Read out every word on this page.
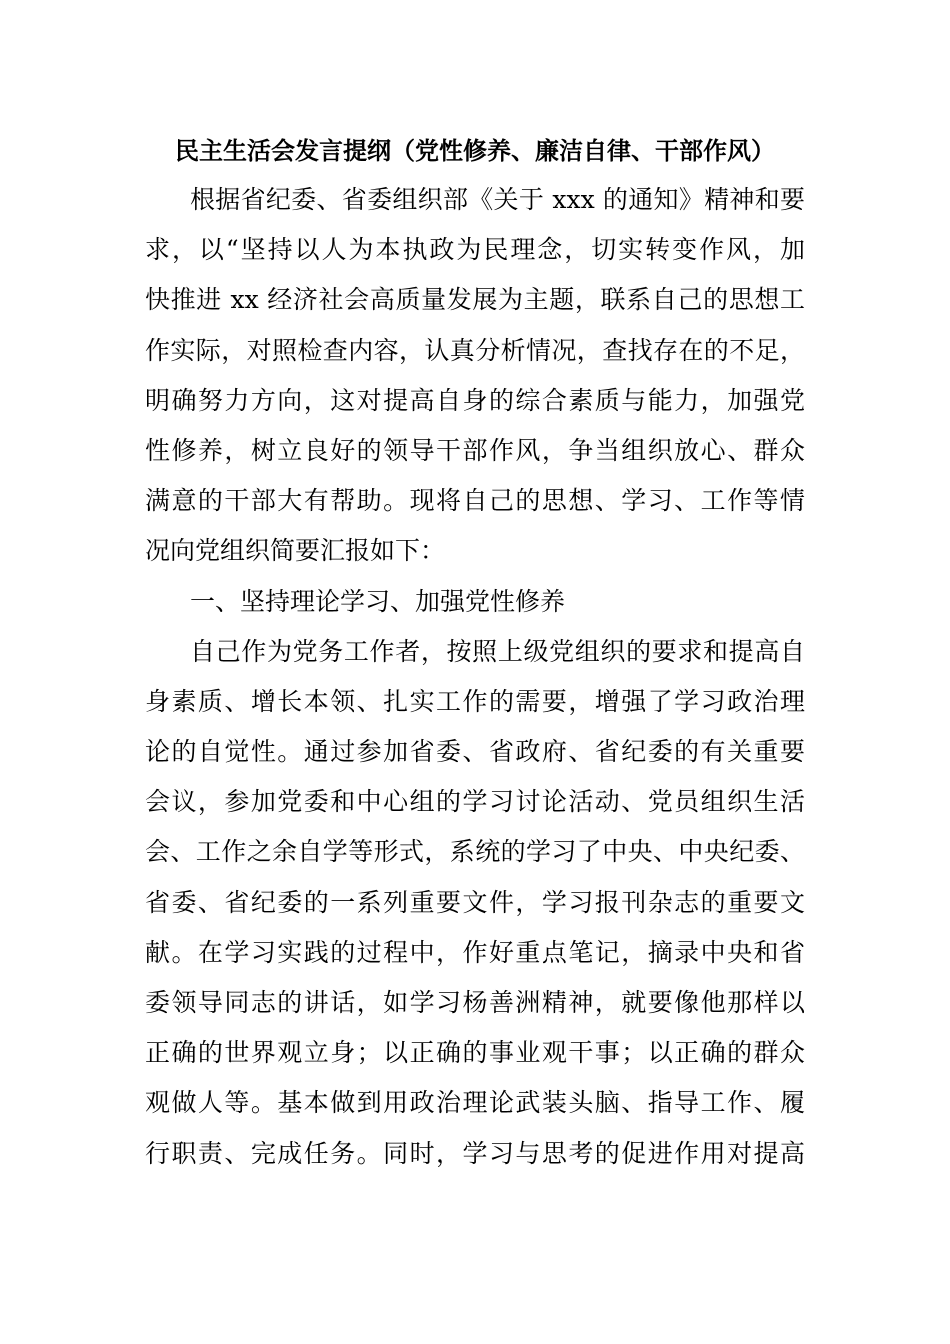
民主生活会发言提纲（党性修养、廉洁自律、干部作风）
根据省纪委、省委组织部《关于 xxx 的通知》精神和要
求，以“坚持以人为本执政为民理念，切实转变作风，加
快推进 xx 经济社会高质量发展为主题，联系自己的思想工
作实际，对照检查内容，认真分析情况，查找存在的不足，
明确努力方向，这对提高自身的综合素质与能力，加强党
性修养，树立良好的领导干部作风，争当组织放心、群众
满意的干部大有帮助。现将自己的思想、学习、工作等情
况向党组织简要汇报如下：
一、坚持理论学习、加强党性修养
自己作为党务工作者，按照上级党组织的要求和提高自
身素质、增长本领、扎实工作的需要，增强了学习政治理
论的自觉性。通过参加省委、省政府、省纪委的有关重要
会议，参加党委和中心组的学习讨论活动、党员组织生活
会、工作之余自学等形式，系统的学习了中央、中央纪委、
省委、省纪委的一系列重要文件，学习报刊杂志的重要文
献。在学习实践的过程中，作好重点笔记，摘录中央和省
委领导同志的讲话，如学习杨善洲精神，就要像他那样以
正确的世界观立身；以正确的事业观干事；以正确的群众
观做人等。基本做到用政治理论武装头脑、指导工作、履
行职责、完成任务。同时，学习与思考的促进作用对提高
